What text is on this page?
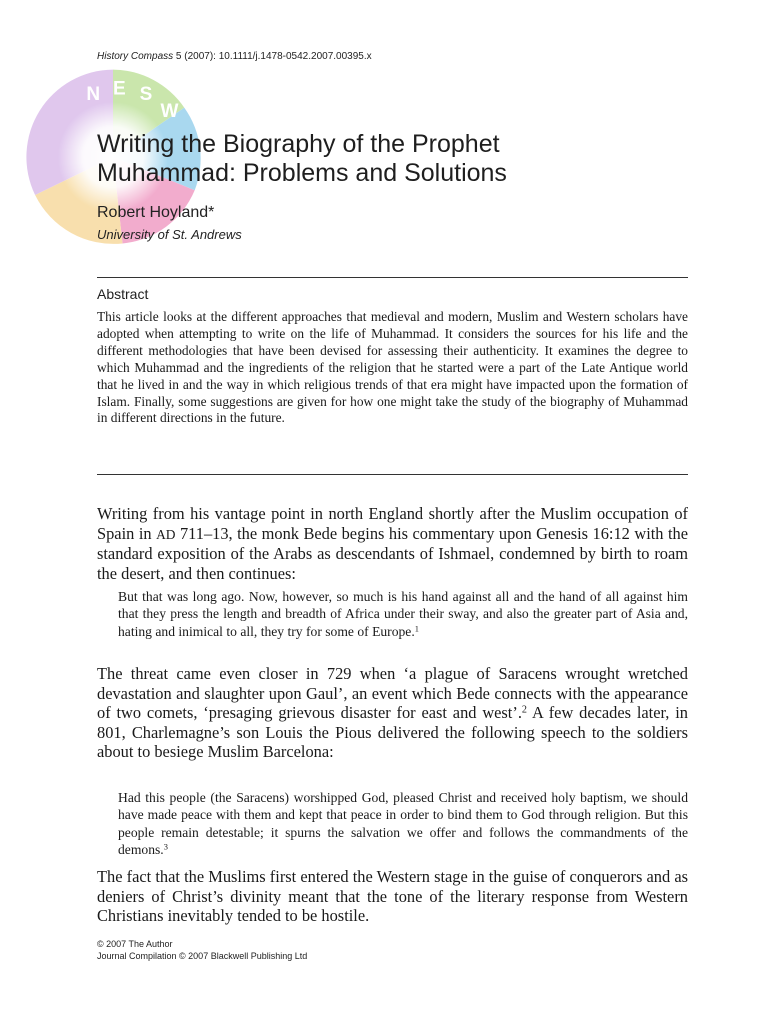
History Compass 5 (2007): 10.1111/j.1478-0542.2007.00395.x
N E S
W
Writing the Biography of the Prophet
Muhammad: Problems and Solutions
Robert Hoyland*
University of St. Andrews
Abstract

This article looks at the different approaches that medieval and modern, Muslim and Western scholars have adopted when attempting to write on the life of Muhammad. It considers the sources for his life and the different methodologies that have been devised for assessing their authenticity. It examines the degree to which Muhammad and the ingredients of the religion that he started were a part of the Late Antique world that he lived in and the way in which religious trends of that era might have impacted upon the formation of Islam. Finally, some suggestions are given for how one might take the study of the biography of Muhammad in different directions in the future.

Writing from his vantage point in north England shortly after the Muslim occupation of Spain in AD 711–13, the monk Bede begins his commentary upon Genesis 16:12 with the standard exposition of the Arabs as descendants of Ishmael, condemned by birth to roam the desert, and then continues:

But that was long ago. Now, however, so much is his hand against all and the hand of all against him that they press the length and breadth of Africa under their sway, and also the greater part of Asia and, hating and inimical to all, they try for some of Europe.$^1$

The threat came even closer in 729 when ‘a plague of Saracens wrought wretched devastation and slaughter upon Gaul’, an event which Bede connects with the appearance of two comets, ‘presaging grievous disaster for east and west’.$^2$ A few decades later, in 801, Charlemagne’s son Louis the Pious delivered the following speech to the soldiers about to besiege Muslim Barcelona:

Had this people (the Saracens) worshipped God, pleased Christ and received holy baptism, we should have made peace with them and kept that peace in order to bind them to God through religion. But this people remain detestable; it spurns the salvation we offer and follows the commandments of the demons.$^3$

The fact that the Muslims first entered the Western stage in the guise of conquerors and as deniers of Christ’s divinity meant that the tone of the literary response from Western Christians inevitably tended to be hostile.

© 2007 The Author
Journal Compilation © 2007 Blackwell Publishing Ltd
